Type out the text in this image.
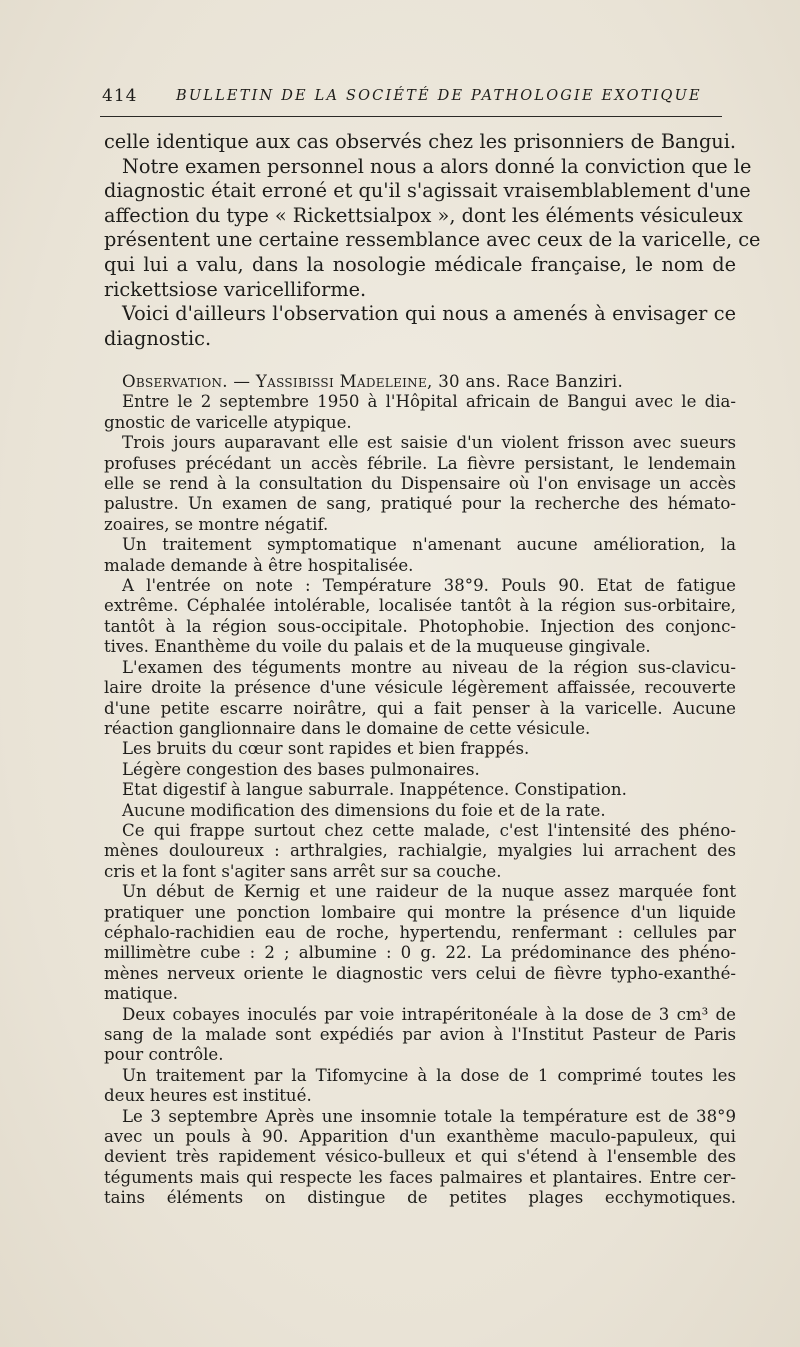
414	BULLETIN DE LA SOCIÉTÉ DE PATHOLOGIE EXOTIQUE

celle identique aux cas observés chez les prisonniers de Bangui.
Notre examen personnel nous a alors donné la conviction que le
diagnostic était erroné et qu'il s'agissait vraisemblablement d'une
affection du type « Rickettsialpox », dont les éléments vésiculeux
présentent une certaine ressemblance avec ceux de la varicelle, ce
qui lui a valu, dans la nosologie médicale française, le nom de
rickettsiose varicelliforme.
Voici d'ailleurs l'observation qui nous a amenés à envisager ce
diagnostic.

Observation. — Yassibissi Madeleine, 30 ans. Race Banziri.
Entre le 2 septembre 1950 à l'Hôpital africain de Bangui avec le dia-
gnostic de varicelle atypique.
Trois jours auparavant elle est saisie d'un violent frisson avec sueurs
profuses précédant un accès fébrile. La fièvre persistant, le lendemain
elle se rend à la consultation du Dispensaire où l'on envisage un accès
palustre. Un examen de sang, pratiqué pour la recherche des hémato-
zoaires, se montre négatif.
Un traitement symptomatique n'amenant aucune amélioration, la
malade demande à être hospitalisée.
A l'entrée on note : Température 38°9. Pouls 90. Etat de fatigue
extrême. Céphalée intolérable, localisée tantôt à la région sus-orbitaire,
tantôt à la région sous-occipitale. Photophobie. Injection des conjonc-
tives. Enanthème du voile du palais et de la muqueuse gingivale.
L'examen des téguments montre au niveau de la région sus-clavicu-
laire droite la présence d'une vésicule légèrement affaissée, recouverte
d'une petite escarre noirâtre, qui a fait penser à la varicelle. Aucune
réaction ganglionnaire dans le domaine de cette vésicule.
Les bruits du cœur sont rapides et bien frappés.
Légère congestion des bases pulmonaires.
Etat digestif à langue saburrale. Inappétence. Constipation.
Aucune modification des dimensions du foie et de la rate.
Ce qui frappe surtout chez cette malade, c'est l'intensité des phéno-
mènes douloureux : arthralgies, rachialgie, myalgies lui arrachent des
cris et la font s'agiter sans arrêt sur sa couche.
Un début de Kernig et une raideur de la nuque assez marquée font
pratiquer une ponction lombaire qui montre la présence d'un liquide
céphalo-rachidien eau de roche, hypertendu, renfermant : cellules par
millimètre cube : 2 ; albumine : 0 g. 22. La prédominance des phéno-
mènes nerveux oriente le diagnostic vers celui de fièvre typho-exanthé-
matique.
Deux cobayes inoculés par voie intrapéritonéale à la dose de 3 cm³ de
sang de la malade sont expédiés par avion à l'Institut Pasteur de Paris
pour contrôle.
Un traitement par la Tifomycine à la dose de 1 comprimé toutes les
deux heures est institué.
Le 3 septembre Après une insomnie totale la température est de 38°9
avec un pouls à 90. Apparition d'un exanthème maculo-papuleux, qui
devient très rapidement vésico-bulleux et qui s'étend à l'ensemble des
téguments mais qui respecte les faces palmaires et plantaires. Entre cer-
tains éléments on distingue de petites plages ecchymotiques.
